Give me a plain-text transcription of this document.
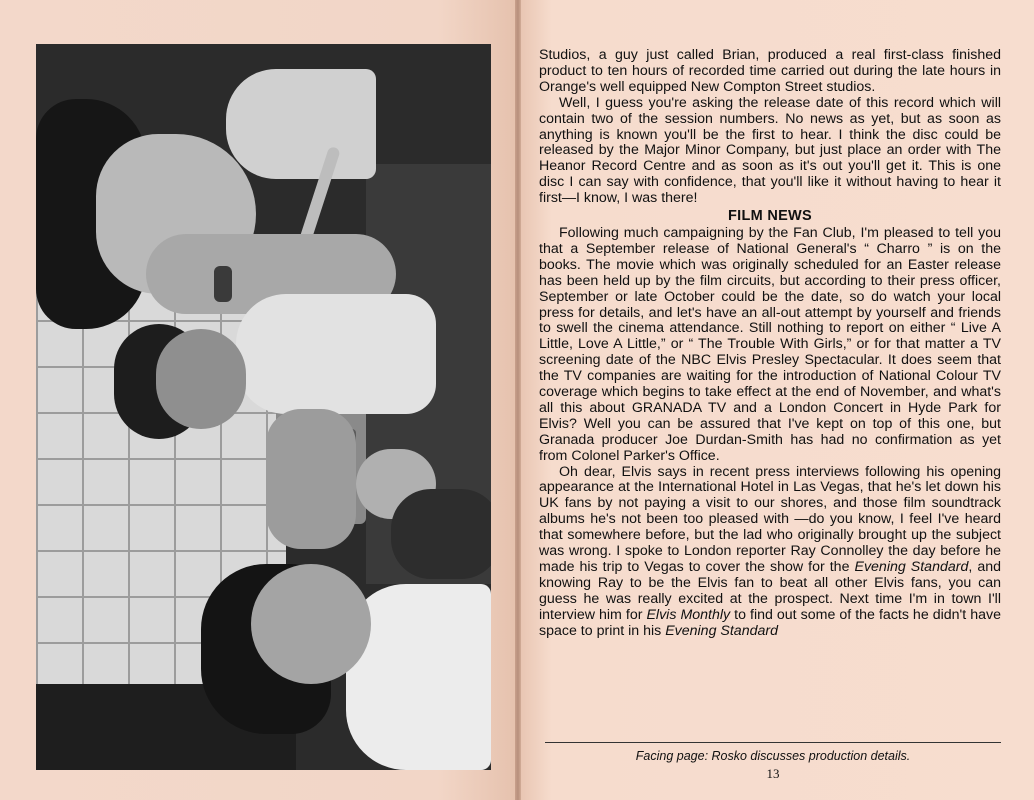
Studios, a guy just called Brian, produced a real first-class finished product to ten hours of recorded time carried out during the late hours in Orange's well equipped New Compton Street studios.

Well, I guess you're asking the release date of this record which will contain two of the session numbers. No news as yet, but as soon as anything is known you'll be the first to hear. I think the disc could be released by the Major Minor Company, but just place an order with The Heanor Record Centre and as soon as it's out you'll get it. This is one disc I can say with confidence, that you'll like it without having to hear it first—I know, I was there!

FILM NEWS

Following much campaigning by the Fan Club, I'm pleased to tell you that a September release of National General's “ Charro ” is on the books. The movie which was originally scheduled for an Easter release has been held up by the film circuits, but according to their press officer, September or late October could be the date, so do watch your local press for details, and let's have an all-out attempt by yourself and friends to swell the cinema attendance. Still nothing to report on either “ Live A Little, Love A Little,” or “ The Trouble With Girls,” or for that matter a TV screening date of the NBC Elvis Presley Spectacular. It does seem that the TV companies are waiting for the introduction of National Colour TV coverage which begins to take effect at the end of November, and what's all this about GRANADA TV and a London Concert in Hyde Park for Elvis? Well you can be assured that I've kept on top of this one, but Granada producer Joe Durdan-Smith has had no confirmation as yet from Colonel Parker's Office.

Oh dear, Elvis says in recent press interviews following his opening appearance at the International Hotel in Las Vegas, that he's let down his UK fans by not paying a visit to our shores, and those film soundtrack albums he's not been too pleased with —do you know, I feel I've heard that somewhere before, but the lad who originally brought up the subject was wrong. I spoke to London reporter Ray Connolley the day before he made his trip to Vegas to cover the show for the Evening Standard, and knowing Ray to be the Elvis fan to beat all other Elvis fans, you can guess he was really excited at the prospect. Next time I'm in town I'll interview him for Elvis Monthly to find out some of the facts he didn't have space to print in his Evening Standard

Facing page: Rosko discusses production details.
13
